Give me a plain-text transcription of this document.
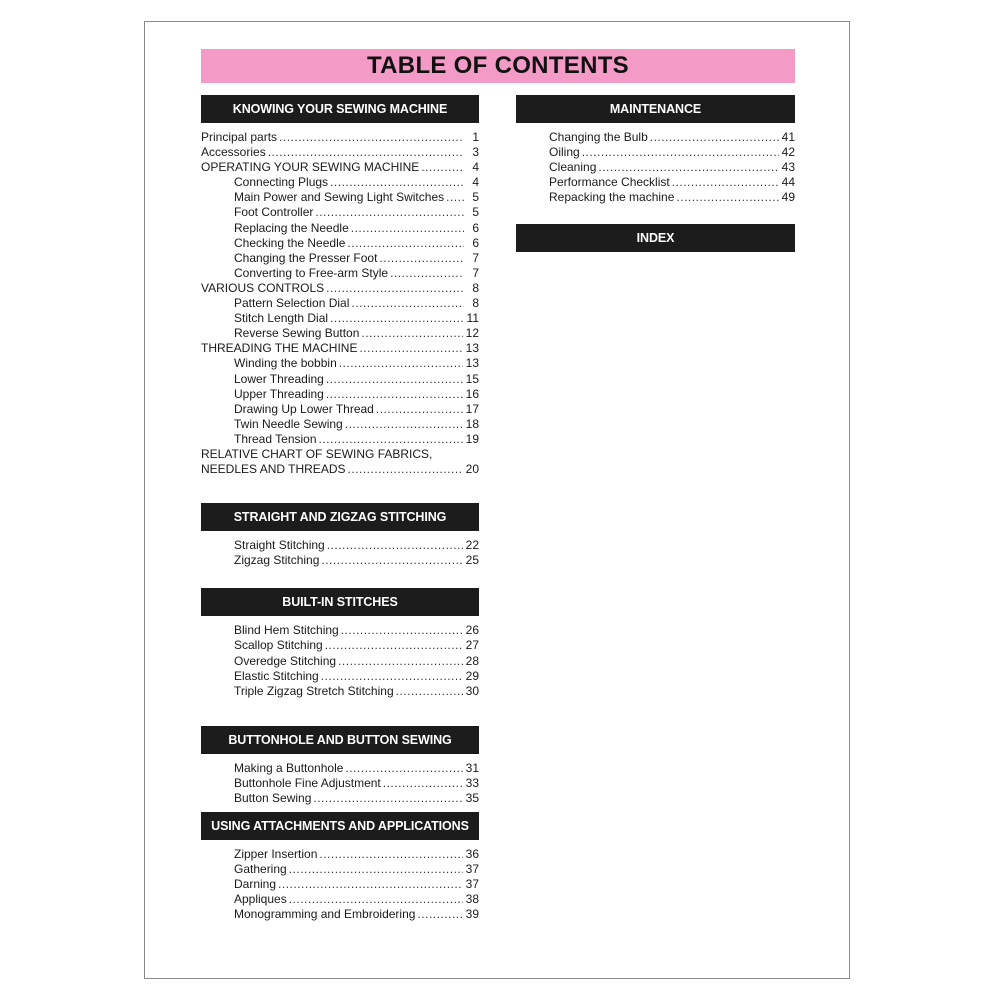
TABLE OF CONTENTS
KNOWING YOUR SEWING MACHINE
Principal parts .....	1
Accessories .....	3
OPERATING YOUR SEWING MACHINE .....	4
Connecting Plugs .....	4
Main Power and Sewing Light Switches .....	5
Foot Controller .....	5
Replacing the Needle .....	6
Checking the Needle .....	6
Changing the Presser Foot .....	7
Converting to Free-arm Style .....	7
VARIOUS CONTROLS .....	8
Pattern Selection Dial .....	8
Stitch Length Dial .....	11
Reverse Sewing Button .....	12
THREADING THE MACHINE .....	13
Winding the bobbin .....	13
Lower Threading .....	15
Upper Threading .....	16
Drawing Up Lower Thread .....	17
Twin Needle Sewing .....	18
Thread Tension .....	19
RELATIVE CHART OF SEWING FABRICS,
NEEDLES AND THREADS .....	20
STRAIGHT AND ZIGZAG STITCHING
Straight Stitching .....	22
Zigzag Stitching .....	25
BUILT-IN STITCHES
Blind Hem Stitching .....	26
Scallop Stitching .....	27
Overedge Stitching .....	28
Elastic Stitching .....	29
Triple Zigzag Stretch Stitching .....	30
BUTTONHOLE AND BUTTON SEWING
Making a Buttonhole .....	31
Buttonhole Fine Adjustment .....	33
Button Sewing .....	35
USING ATTACHMENTS AND APPLICATIONS
Zipper Insertion .....	36
Gathering .....	37
Darning .....	37
Appliques .....	38
Monogramming and Embroidering .....	39
MAINTENANCE
Changing the Bulb .....	41
Oiling .....	42
Cleaning .....	43
Performance Checklist .....	44
Repacking the machine .....	49
INDEX
